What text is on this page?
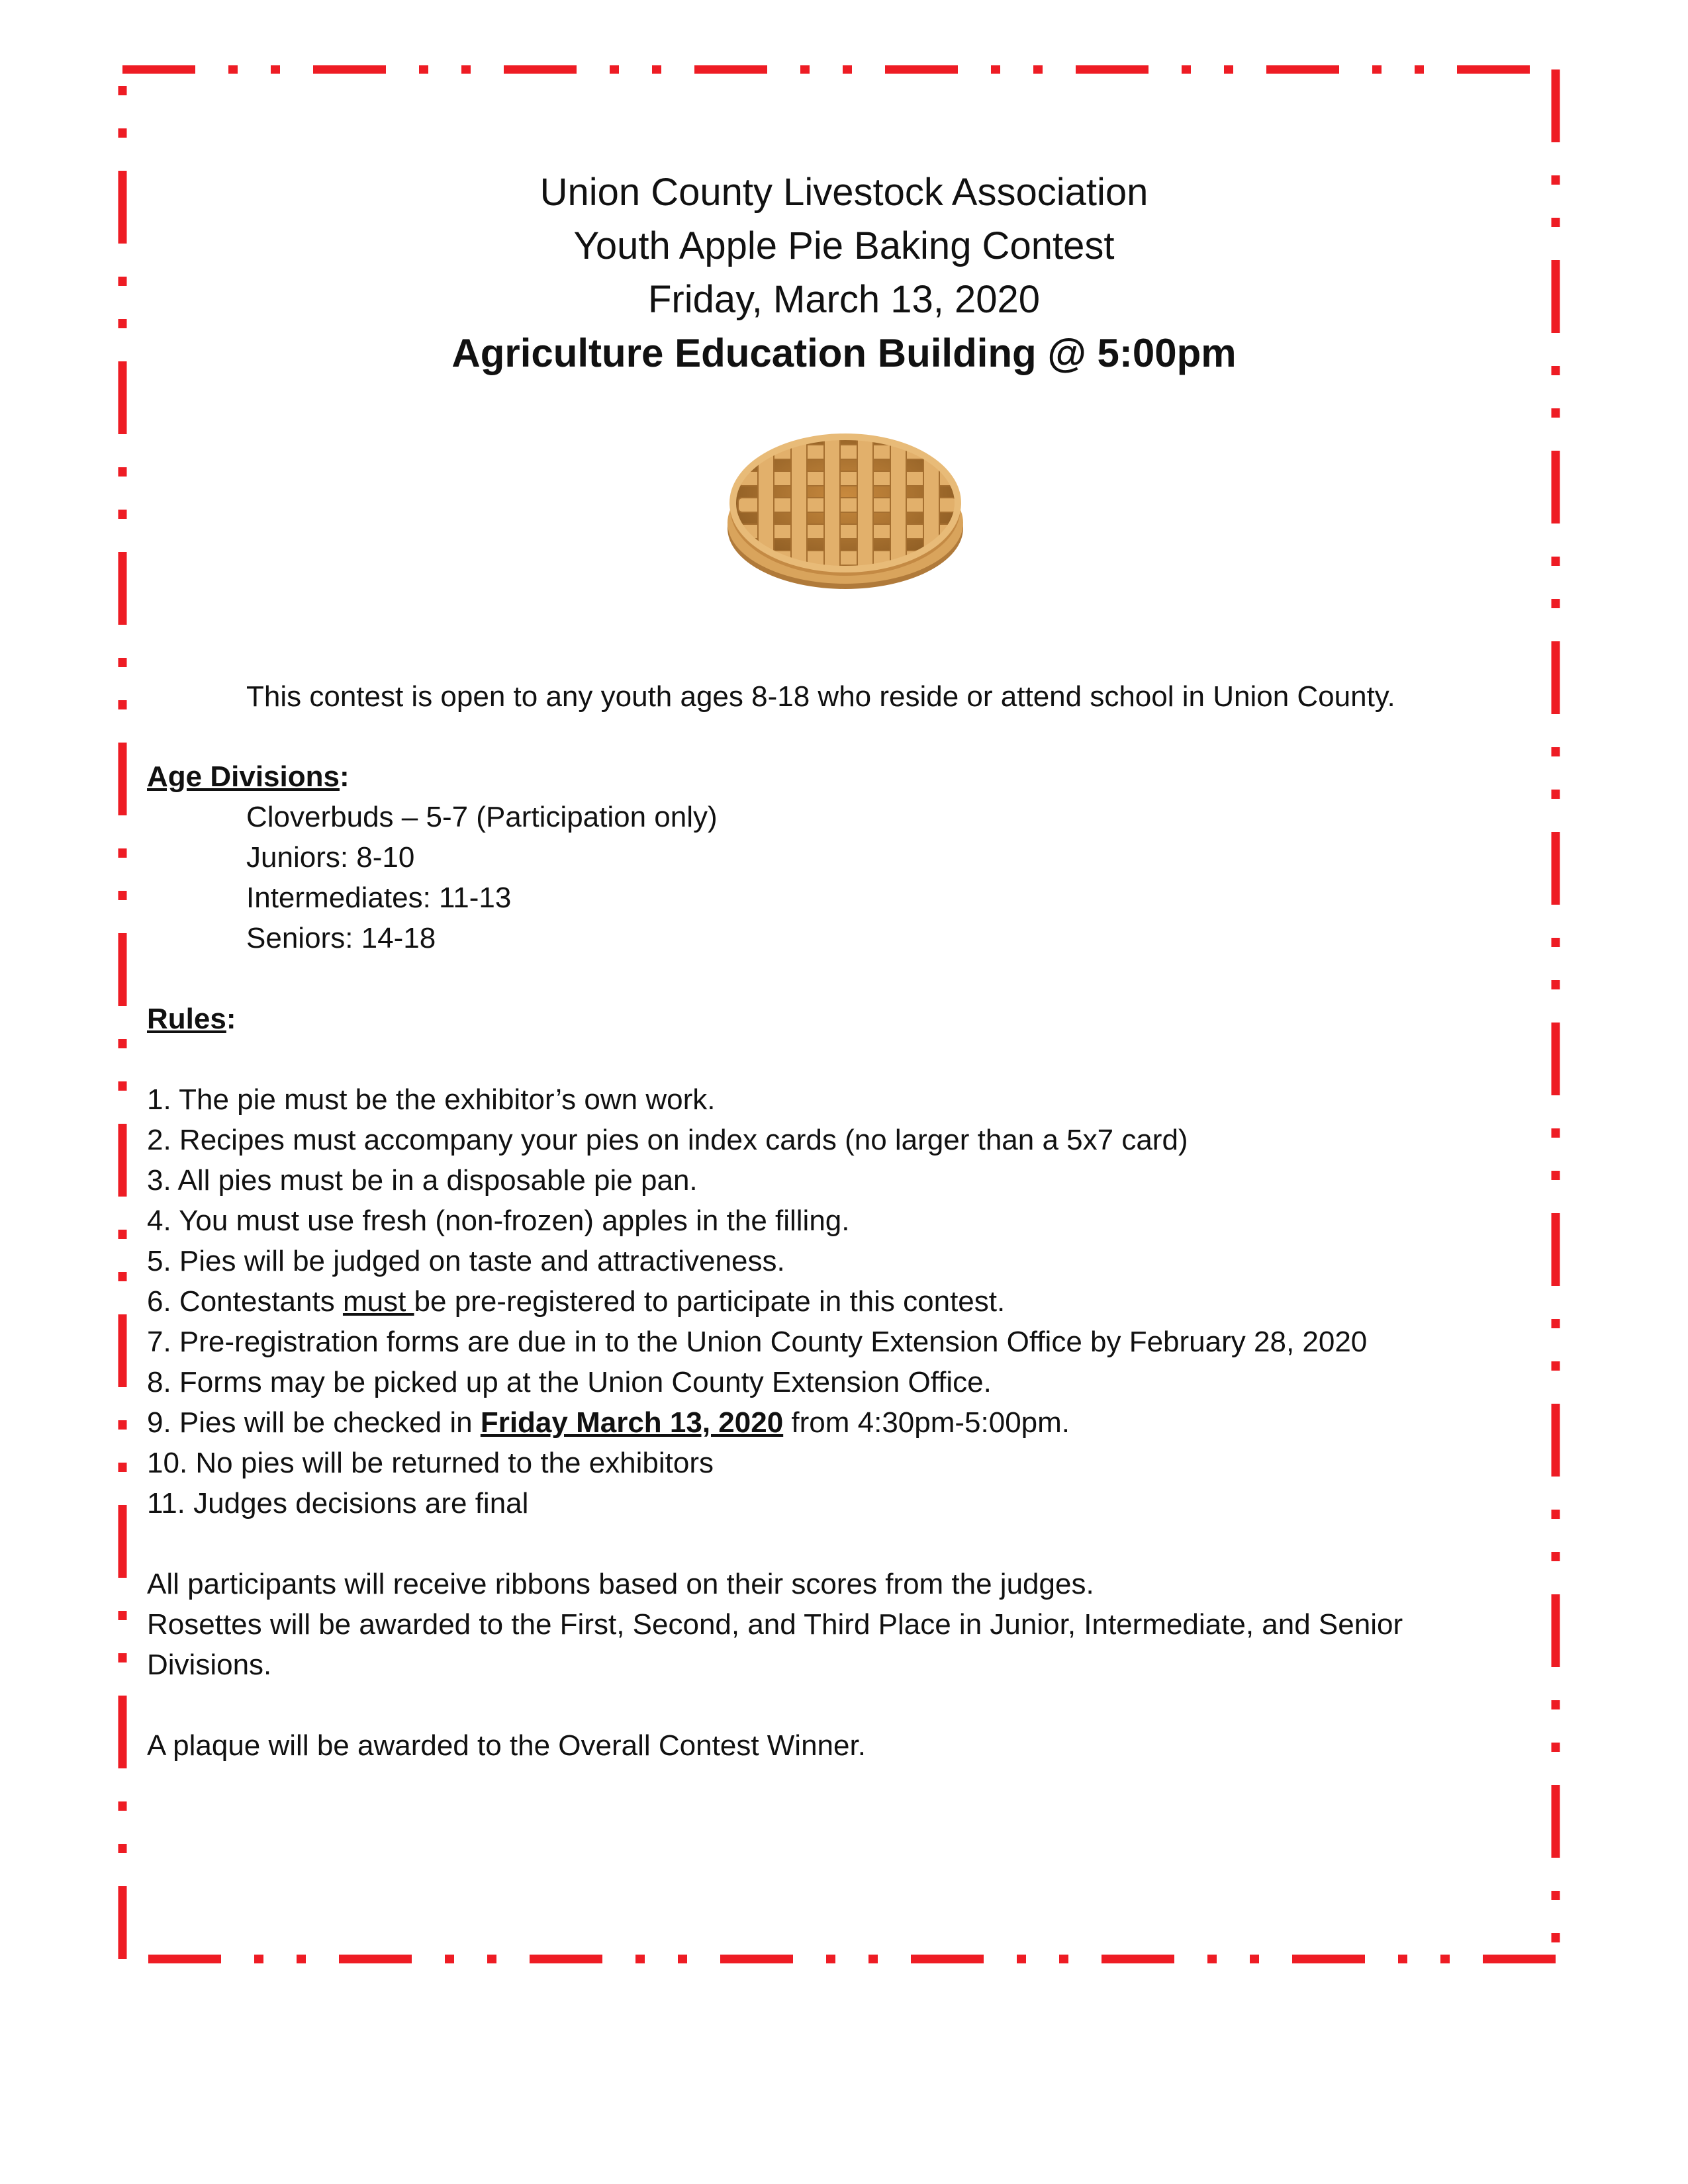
Union County Livestock Association
Youth Apple Pie Baking Contest
Friday, March 13, 2020
Agriculture Education Building @ 5:00pm
This contest is open to any youth ages 8-18 who reside or attend school in Union County.
Age Divisions:
Cloverbuds – 5-7 (Participation only)
Juniors: 8-10
Intermediates: 11-13
Seniors: 14-18
Rules:
1. The pie must be the exhibitor’s own work.
2. Recipes must accompany your pies on index cards (no larger than a 5x7 card)
3. All pies must be in a disposable pie pan.
4. You must use fresh (non-frozen) apples in the filling.
5. Pies will be judged on taste and attractiveness.
6. Contestants must be pre-registered to participate in this contest.
7. Pre-registration forms are due in to the Union County Extension Office by February 28, 2020
8. Forms may be picked up at the Union County Extension Office.
9. Pies will be checked in Friday March 13, 2020 from 4:30pm-5:00pm.
10. No pies will be returned to the exhibitors
11. Judges decisions are final
All participants will receive ribbons based on their scores from the judges.
Rosettes will be awarded to the First, Second, and Third Place in Junior, Intermediate, and Senior
Divisions.
A plaque will be awarded to the Overall Contest Winner.
